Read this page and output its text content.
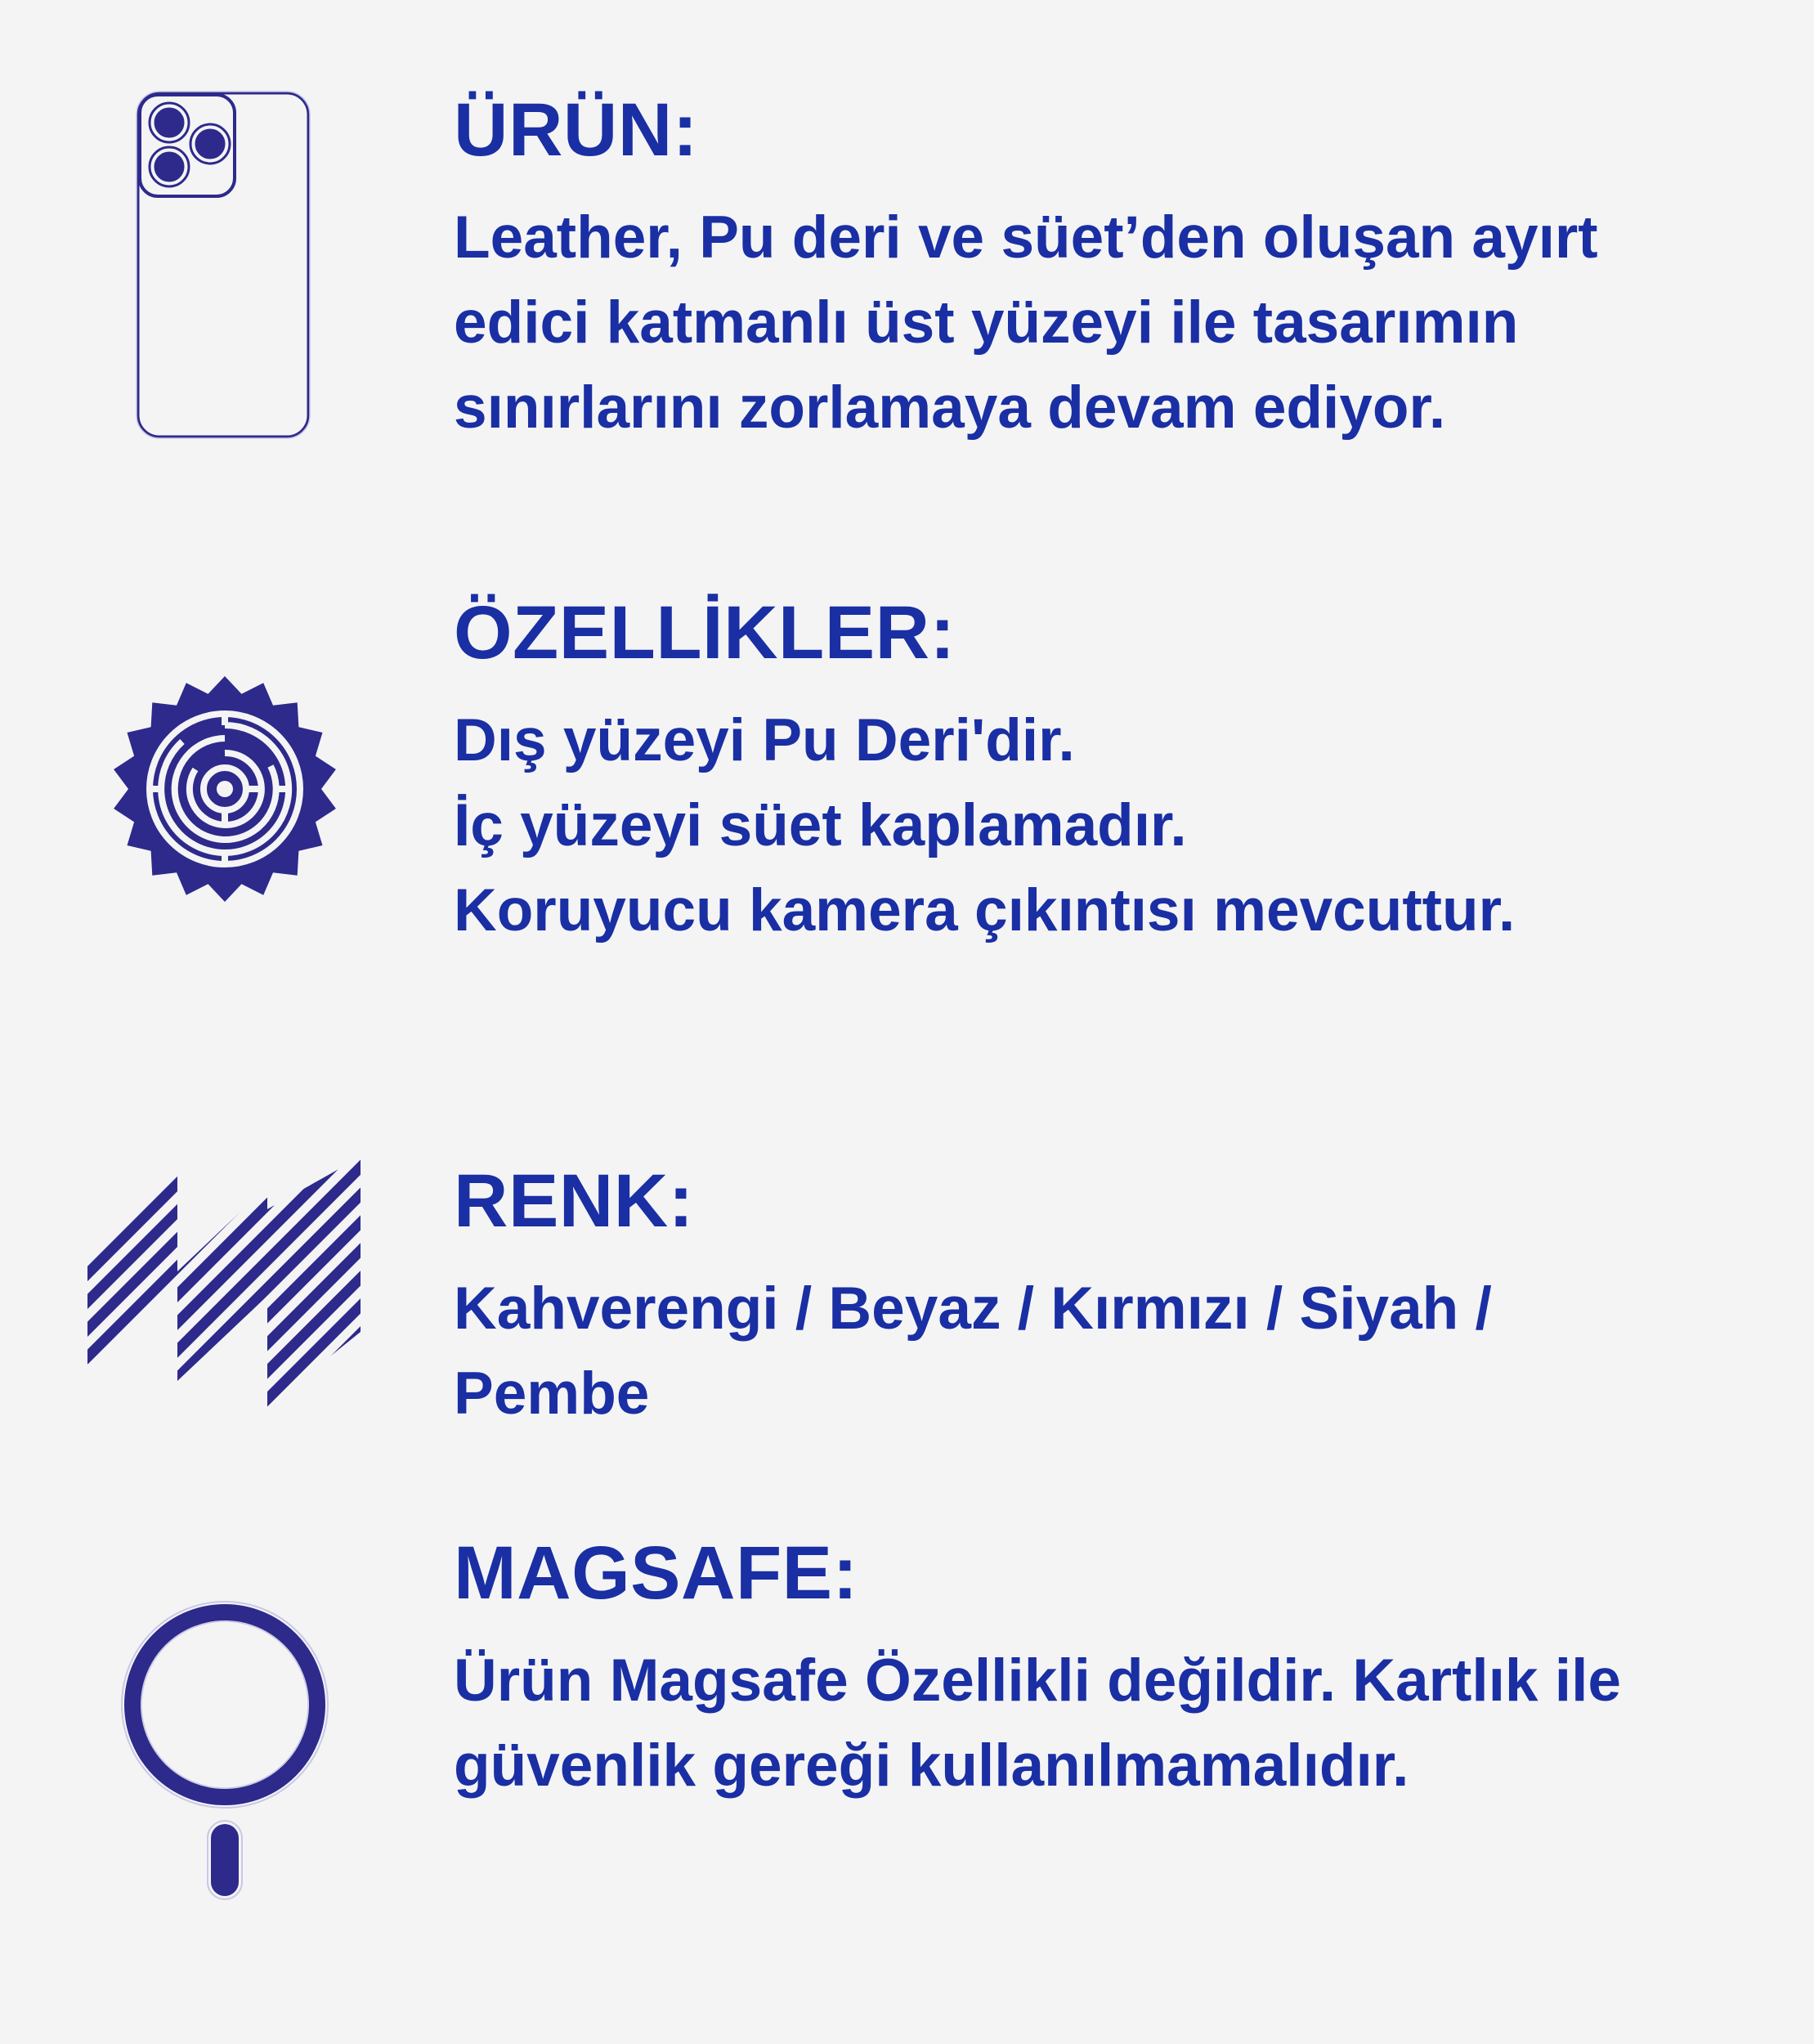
ÜRÜN:
Leather, Pu deri ve süet’den oluşan ayırt
edici katmanlı üst yüzeyi ile tasarımın
sınırlarını zorlamaya devam ediyor.
ÖZELLİKLER:
Dış yüzeyi Pu Deri'dir.
İç yüzeyi süet kaplamadır.
Koruyucu kamera çıkıntısı mevcuttur.
RENK:
Kahverengi / Beyaz / Kırmızı / Siyah /
Pembe
MAGSAFE:
Ürün Magsafe Özellikli değildir. Kartlık ile
güvenlik gereği kullanılmamalıdır.
